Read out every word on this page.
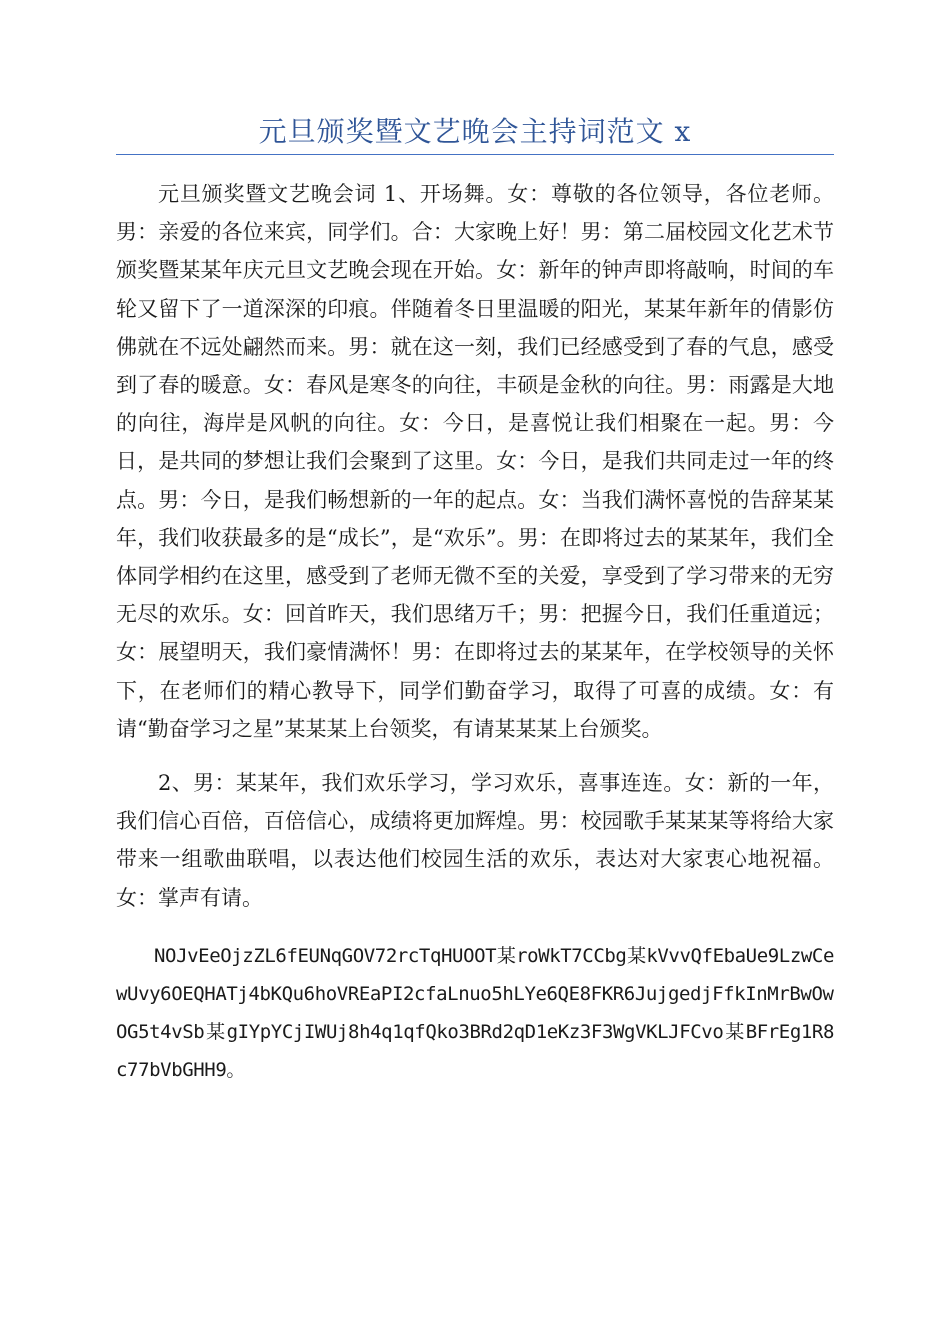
元旦颁奖暨文艺晚会主持词范文 x

元旦颁奖暨文艺晚会词 1、开场舞。女：尊敬的各位领导，各位老师。男：亲爱的各位来宾，同学们。合：大家晚上好！男：第二届校园文化艺术节颁奖暨某某年庆元旦文艺晚会现在开始。女：新年的钟声即将敲响，时间的车轮又留下了一道深深的印痕。伴随着冬日里温暖的阳光，某某年新年的倩影仿佛就在不远处翩然而来。男：就在这一刻，我们已经感受到了春的气息，感受到了春的暖意。女：春风是寒冬的向往，丰硕是金秋的向往。男：雨露是大地的向往，海岸是风帆的向往。女：今日，是喜悦让我们相聚在一起。男：今日，是共同的梦想让我们会聚到了这里。女：今日，是我们共同走过一年的终点。男：今日，是我们畅想新的一年的起点。女：当我们满怀喜悦的告辞某某年，我们收获最多的是“成长”，是“欢乐”。男：在即将过去的某某年，我们全体同学相约在这里，感受到了老师无微不至的关爱，享受到了学习带来的无穷无尽的欢乐。女：回首昨天，我们思绪万千；男：把握今日，我们任重道远；女：展望明天，我们豪情满怀！男：在即将过去的某某年，在学校领导的关怀下，在老师们的精心教导下，同学们勤奋学习，取得了可喜的成绩。女：有请“勤奋学习之星”某某某上台领奖，有请某某某上台颁奖。

2、男：某某年，我们欢乐学习，学习欢乐，喜事连连。女：新的一年，我们信心百倍，百倍信心，成绩将更加辉煌。男：校园歌手某某某等将给大家带来一组歌曲联唱，以表达他们校园生活的欢乐，表达对大家衷心地祝福。女：掌声有请。

NOJvEeOjzZL6fEUNqGOV72rcTqHUOOT某roWkT7CCbg某kVvvQfEbaUe9LzwCewUvy6OEQHATj4bKQu6hoVREaPI2cfaLnuo5hLYe6QE8FKR6JujgedjFfkInMrBwOwOG5t4vSb某gIYpYCjIWUj8h4q1qfQko3BRd2qD1eKz3F3WgVKLJFCvo某BFrEg1R8c77bVbGHH9。
